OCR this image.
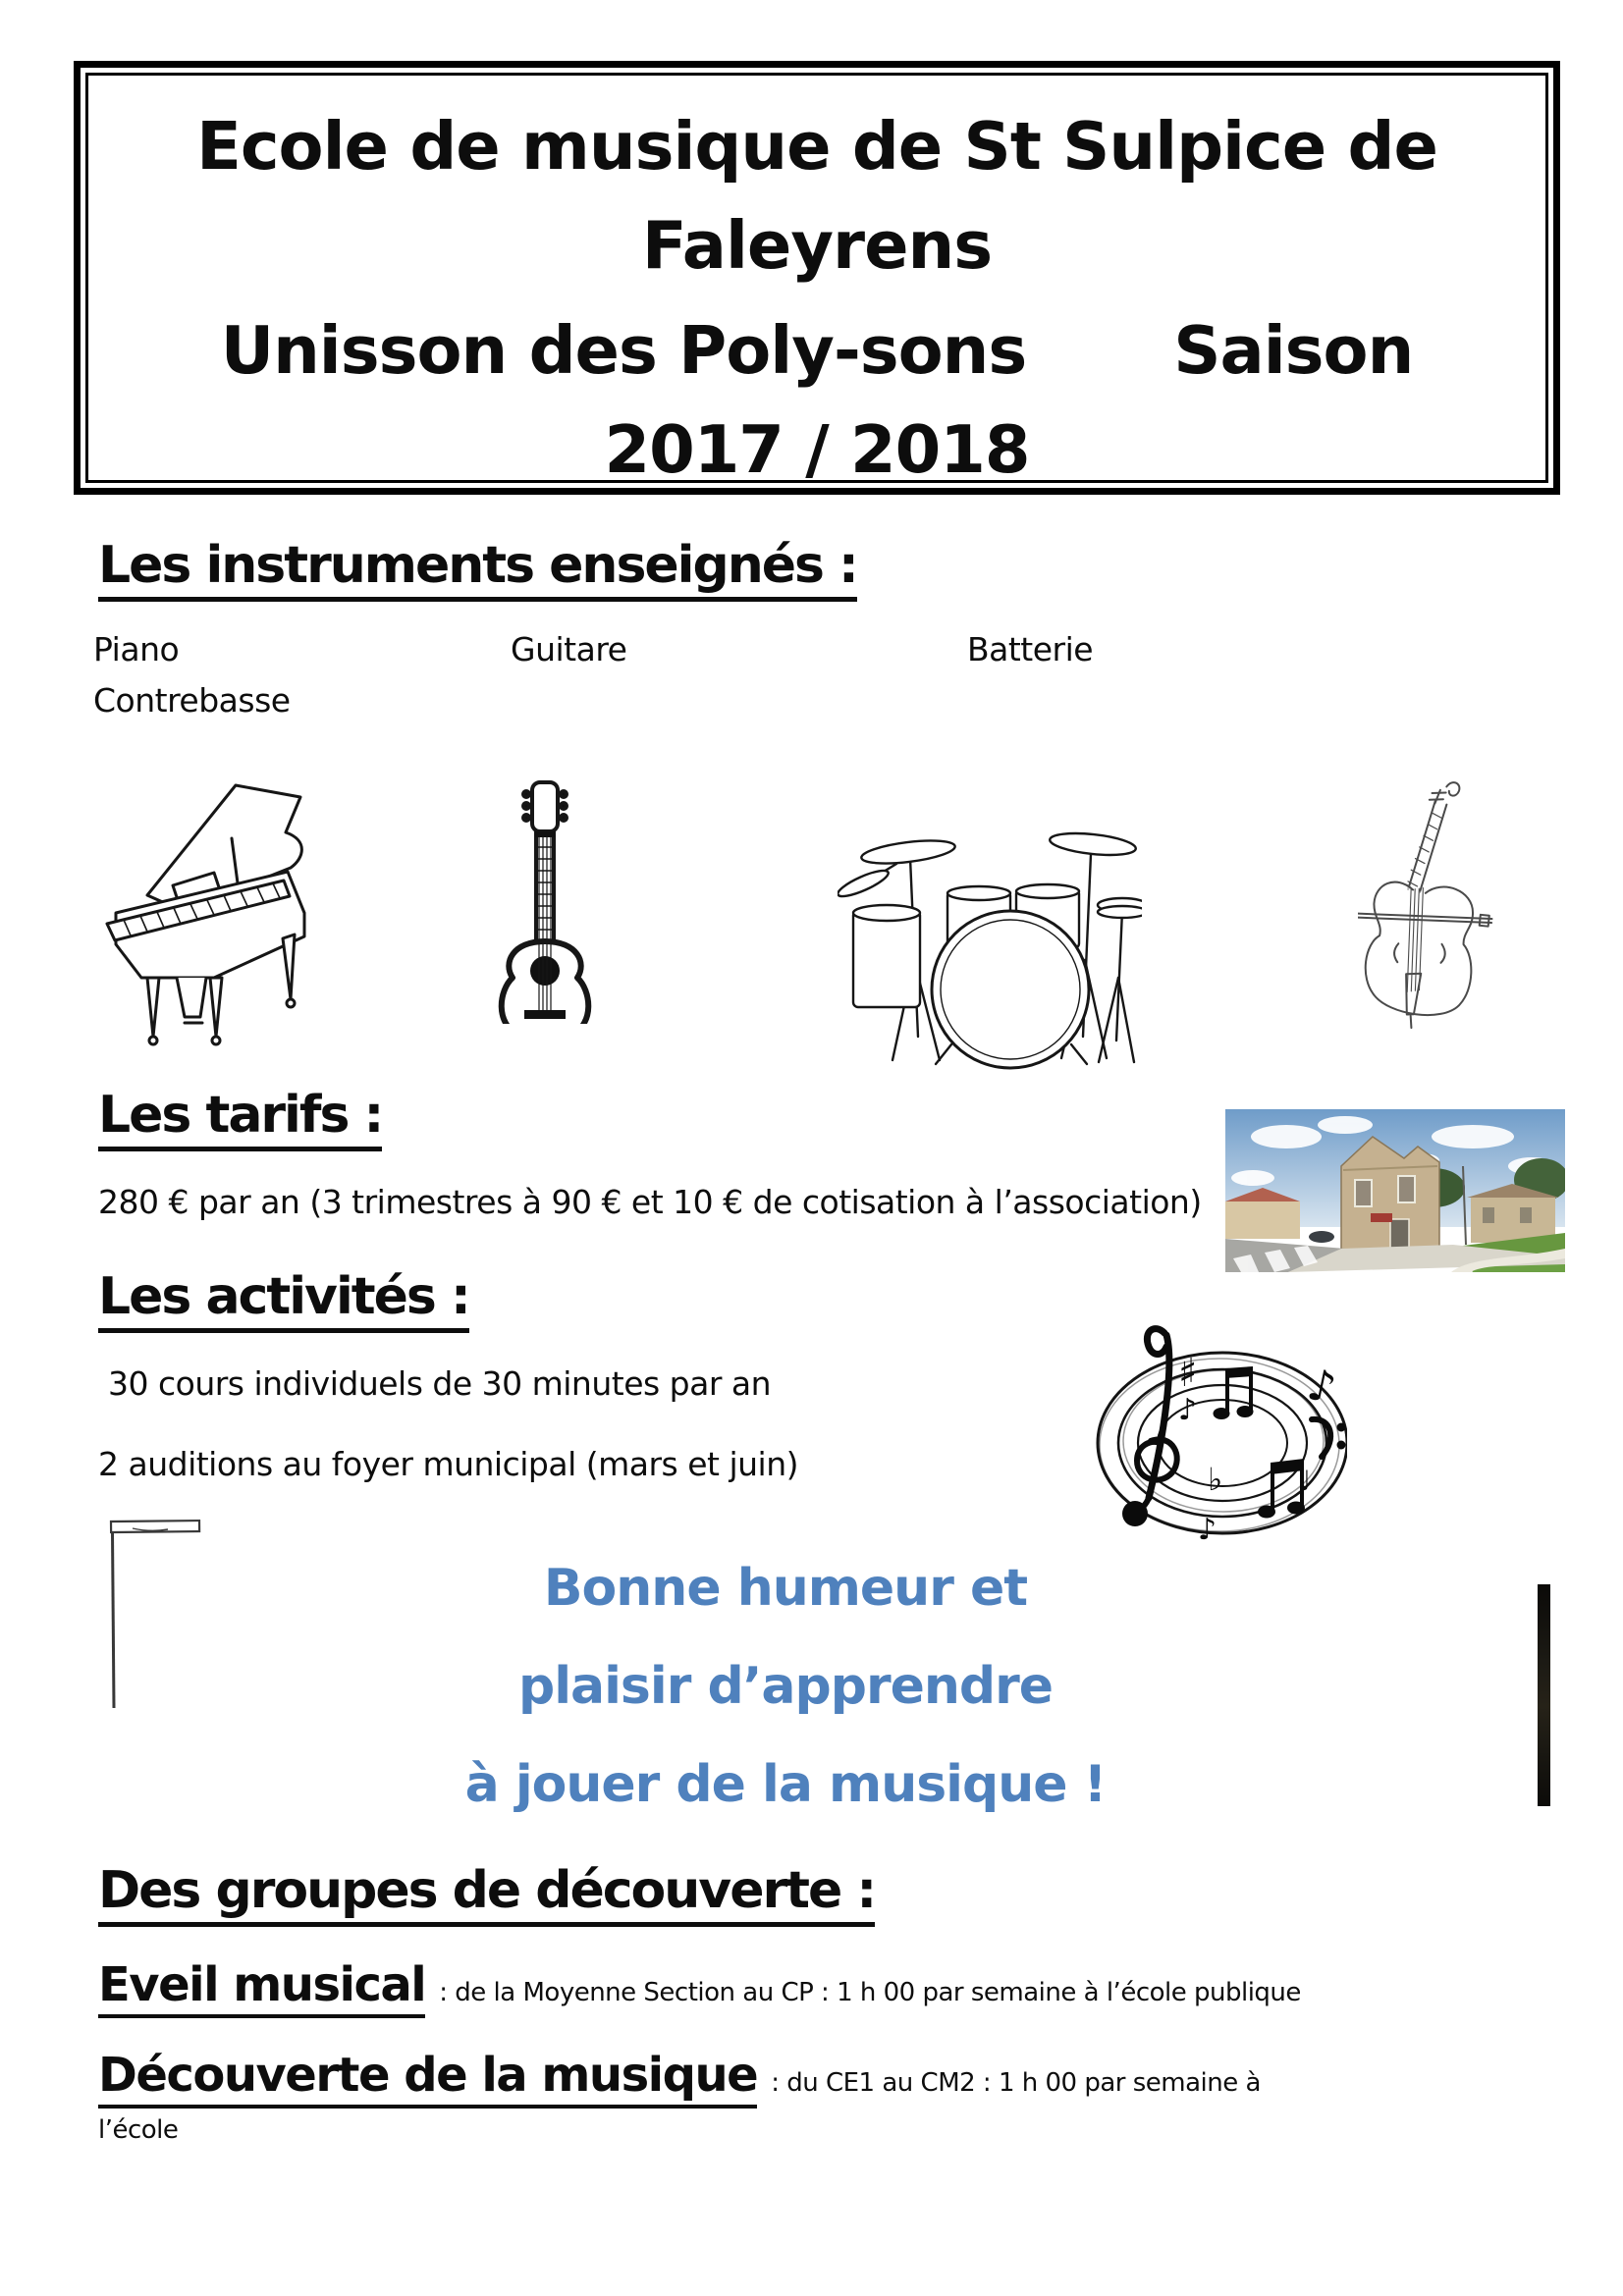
Ecole de musique de St Sulpice de
Faleyrens
Unisson des Poly-sons Saison
2017 / 2018
Les instruments enseignés :
Piano	Guitare	Batterie
Contrebasse
Les tarifs :
280 € par an (3 trimestres à 90 € et 10 € de cotisation à l’association)
Les activités :
30 cours individuels de 30 minutes par an
2 auditions au foyer municipal (mars et juin)
♯
♪
♭
♪
♪
♩
Bonne humeur et
plaisir d’apprendre
à jouer de la musique !
Des groupes de découverte :
Eveil musical : de la Moyenne Section au CP : 1 h 00 par semaine à l’école publique
Découverte de la musique : du CE1 au CM2 : 1 h 00 par semaine à
l’école
